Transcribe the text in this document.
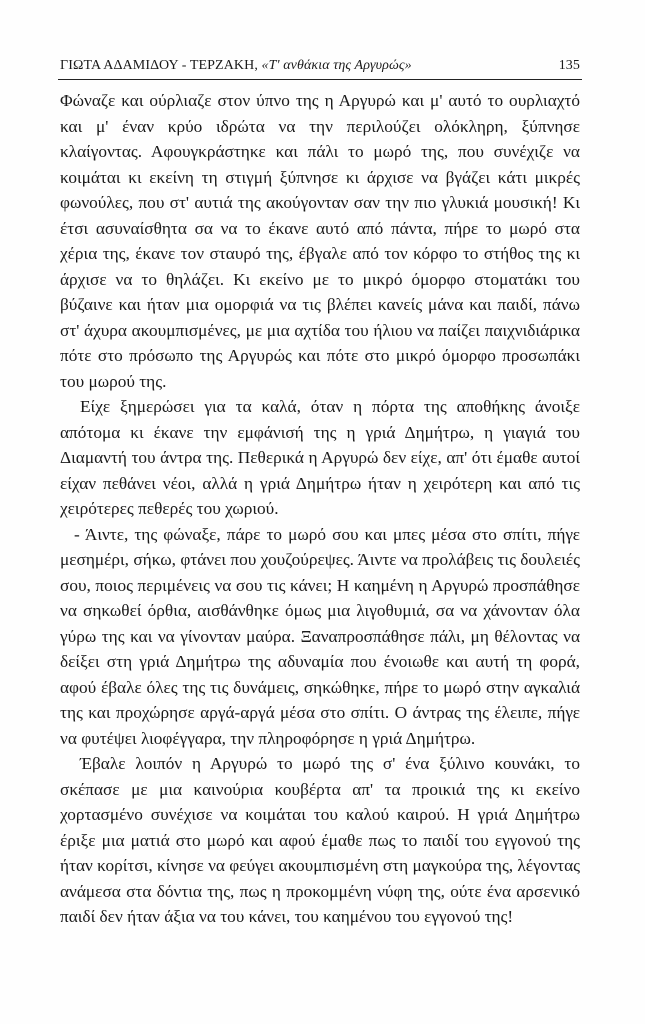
ΓΙΩΤΑ ΑΔΑΜΙΔΟΥ - ΤΕΡΖΑΚΗ, «Τ' ανθάκια της Αργυρώς»	135

Φώναζε και ούρλιαζε στον ύπνο της η Αργυρώ και μ' αυτό το ουρλιαχτό και μ' έναν κρύο ιδρώτα να την περιλούζει ολόκληρη, ξύπνησε κλαίγοντας. Αφουγκράστηκε και πάλι το μωρό της, που συνέχιζε να κοιμάται κι εκείνη τη στιγμή ξύπνησε κι άρχισε να βγάζει κάτι μικρές φωνούλες, που στ' αυτιά της ακούγονταν σαν την πιο γλυκιά μουσική! Κι έτσι ασυναίσθητα σα να το έκανε αυτό από πάντα, πήρε το μωρό στα χέρια της, έκανε τον σταυρό της, έβγαλε από τον κόρφο το στήθος της κι άρχισε να το θηλάζει. Κι εκείνο με το μικρό όμορφο στοματάκι του βύζαινε και ήταν μια ομορφιά να τις βλέπει κανείς μάνα και παιδί, πάνω στ' άχυρα ακουμπισμένες, με μια αχτίδα του ήλιου να παίζει παιχνιδιάρικα πότε στο πρόσωπο της Αργυρώς και πότε στο μικρό όμορφο προσωπάκι του μωρού της.

Είχε ξημερώσει για τα καλά, όταν η πόρτα της αποθήκης άνοιξε απότομα κι έκανε την εμφάνισή της η γριά Δημήτρω, η γιαγιά του Διαμαντή του άντρα της. Πεθερικά η Αργυρώ δεν είχε, απ' ότι έμαθε αυτοί είχαν πεθάνει νέοι, αλλά η γριά Δημήτρω ήταν η χειρότερη και από τις χειρότερες πεθερές του χωριού.

- Άιντε, της φώναξε, πάρε το μωρό σου και μπες μέσα στο σπίτι, πήγε μεσημέρι, σήκω, φτάνει που χουζούρεψες. Άιντε να προλάβεις τις δουλειές σου, ποιος περιμένεις να σου τις κάνει; Η καημένη η Αργυρώ προσπάθησε να σηκωθεί όρθια, αισθάνθηκε όμως μια λιγοθυμιά, σα να χάνονταν όλα γύρω της και να γίνονταν μαύρα. Ξαναπροσπάθησε πάλι, μη θέλοντας να δείξει στη γριά Δημήτρω της αδυναμία που ένοιωθε και αυτή τη φορά, αφού έβαλε όλες της τις δυνάμεις, σηκώθηκε, πήρε το μωρό στην αγκαλιά της και προχώρησε αργά-αργά μέσα στο σπίτι. Ο άντρας της έλειπε, πήγε να φυτέψει λιοφέγγαρα, την πληροφόρησε η γριά Δημήτρω.

Έβαλε λοιπόν η Αργυρώ το μωρό της σ' ένα ξύλινο κουνάκι, το σκέπασε με μια καινούρια κουβέρτα απ' τα προικιά της κι εκείνο χορτασμένο συνέχισε να κοιμάται του καλού καιρού. Η γριά Δημήτρω έριξε μια ματιά στο μωρό και αφού έμαθε πως το παιδί του εγγονού της ήταν κορίτσι, κίνησε να φεύγει ακουμπισμένη στη μαγκούρα της, λέγοντας ανάμεσα στα δόντια της, πως η προκομμένη νύφη της, ούτε ένα αρσενικό παιδί δεν ήταν άξια να του κάνει, του καημένου του εγγονού της!
